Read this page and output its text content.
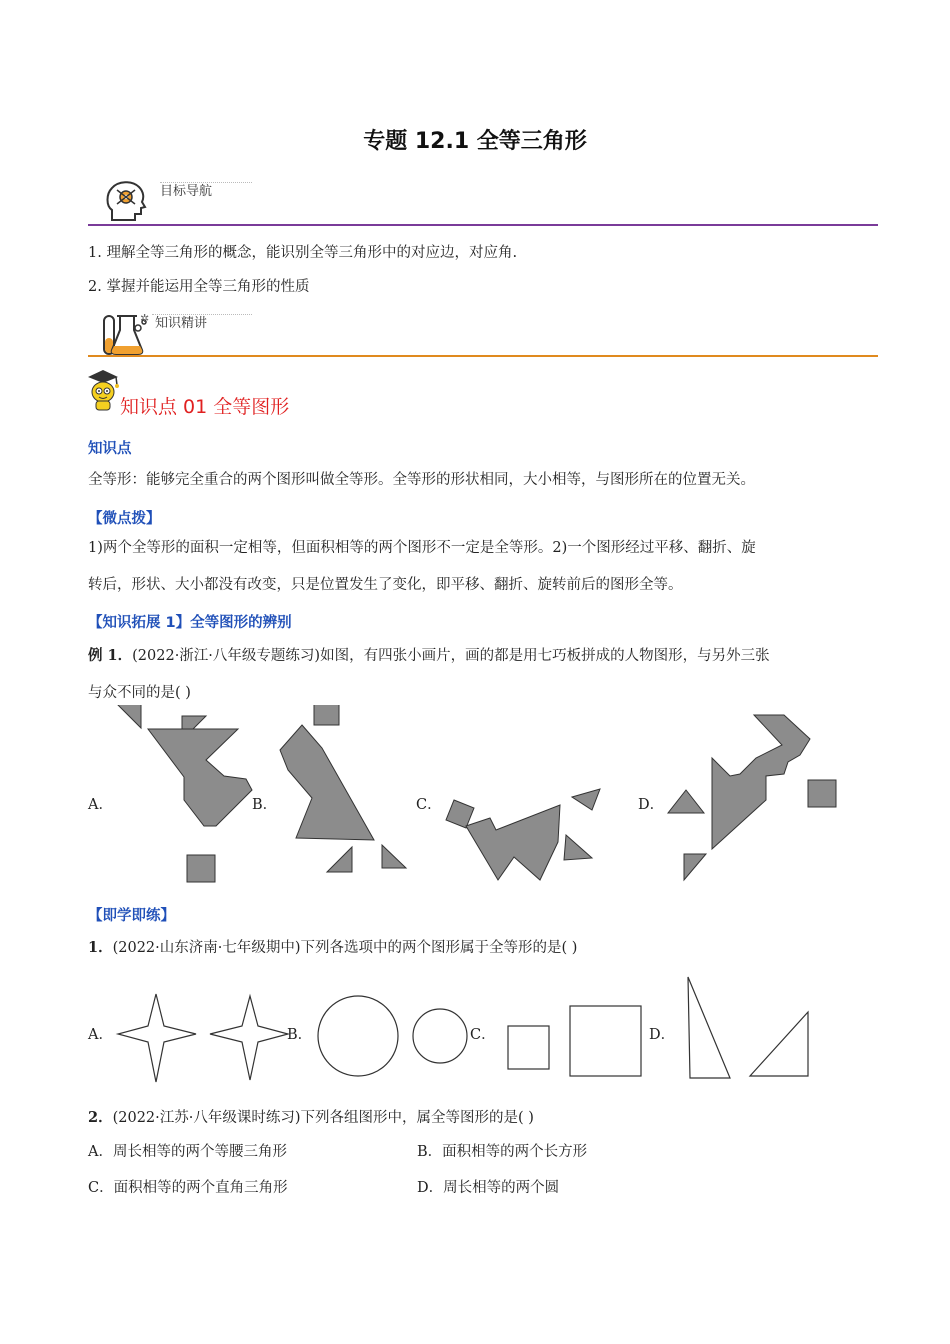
专题 12.1 全等三角形
目标导航
1. 理解全等三角形的概念，能识别全等三角形中的对应边，对应角.
2. 掌握并能运用全等三角形的性质
✲ 知识精讲
知识点 01 全等图形
知识点
全等形：能够完全重合的两个图形叫做全等形。全等形的形状相同，大小相等，与图形所在的位置无关。
【微点拨】
1)两个全等形的面积一定相等，但面积相等的两个图形不一定是全等形。2)一个图形经过平移、翻折、旋
转后，形状、大小都没有改变，只是位置发生了变化，即平移、翻折、旋转前后的图形全等。
【知识拓展 1】全等图形的辨别
例 1．(2022·浙江·八年级专题练习)如图，有四张小画片，画的都是用七巧板拼成的人物图形，与另外三张
与众不同的是( )
A．	B．	C．	D．
【即学即练】
1．(2022·山东济南·七年级期中)下列各选项中的两个图形属于全等形的是( )
A．	B．	C．	D．
2．(2022·江苏·八年级课时练习)下列各组图形中，属全等图形的是( )
A．周长相等的两个等腰三角形	B．面积相等的两个长方形
C．面积相等的两个直角三角形	D．周长相等的两个圆
